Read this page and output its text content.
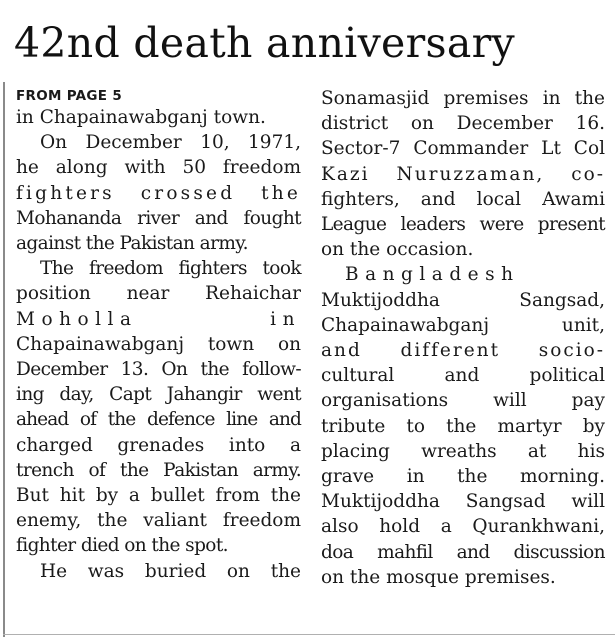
42nd death anniversary
FROM PAGE 5
in Chapainawabganj town.
On December 10, 1971,
he along with 50 freedom
fighters crossed the
Mohananda river and fought
against the Pakistan army.
The freedom fighters took
position near Rehaichar
Moholla in
Chapainawabganj town on
December 13. On the follow-
ing day, Capt Jahangir went
ahead of the defence line and
charged grenades into a
trench of the Pakistan army.
But hit by a bullet from the
enemy, the valiant freedom
fighter died on the spot.
He was buried on the
Sonamasjid premises in the
district on December 16.
Sector-7 Commander Lt Col
Kazi Nuruzzaman, co-
fighters, and local Awami
League leaders were present
on the occasion.
Bangladesh
Muktijoddha Sangsad,
Chapainawabganj unit,
and different socio-
cultural and political
organisations will pay
tribute to the martyr by
placing wreaths at his
grave in the morning.
Muktijoddha Sangsad will
also hold a Qurankhwani,
doa mahfil and discussion
on the mosque premises.
